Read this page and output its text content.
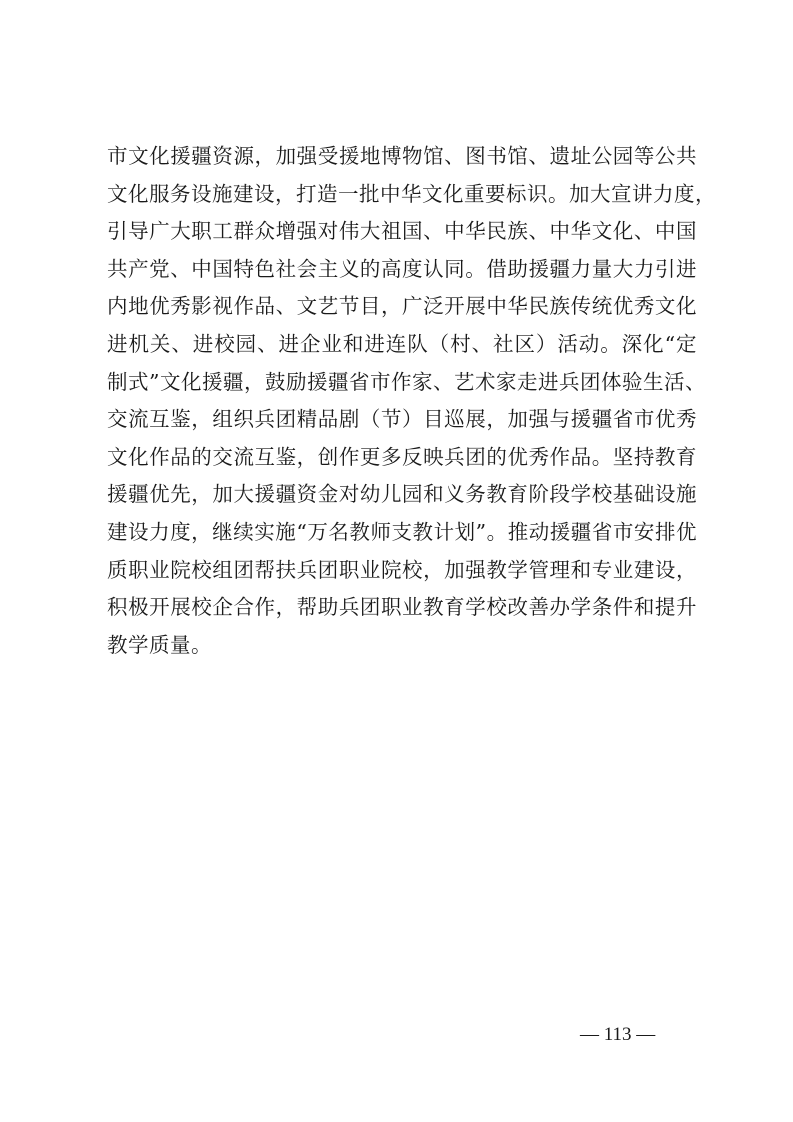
市文化援疆资源，加强受援地博物馆、图书馆、遗址公园等公共
文化服务设施建设，打造一批中华文化重要标识。加大宣讲力度，
引导广大职工群众增强对伟大祖国、中华民族、中华文化、中国
共产党、中国特色社会主义的高度认同。借助援疆力量大力引进
内地优秀影视作品、文艺节目，广泛开展中华民族传统优秀文化
进机关、进校园、进企业和进连队（村、社区）活动。深化“定
制式”文化援疆，鼓励援疆省市作家、艺术家走进兵团体验生活、
交流互鉴，组织兵团精品剧（节）目巡展，加强与援疆省市优秀
文化作品的交流互鉴，创作更多反映兵团的优秀作品。坚持教育
援疆优先，加大援疆资金对幼儿园和义务教育阶段学校基础设施
建设力度，继续实施“万名教师支教计划”。推动援疆省市安排优
质职业院校组团帮扶兵团职业院校，加强教学管理和专业建设，
积极开展校企合作，帮助兵团职业教育学校改善办学条件和提升
教学质量。
— 113 —
